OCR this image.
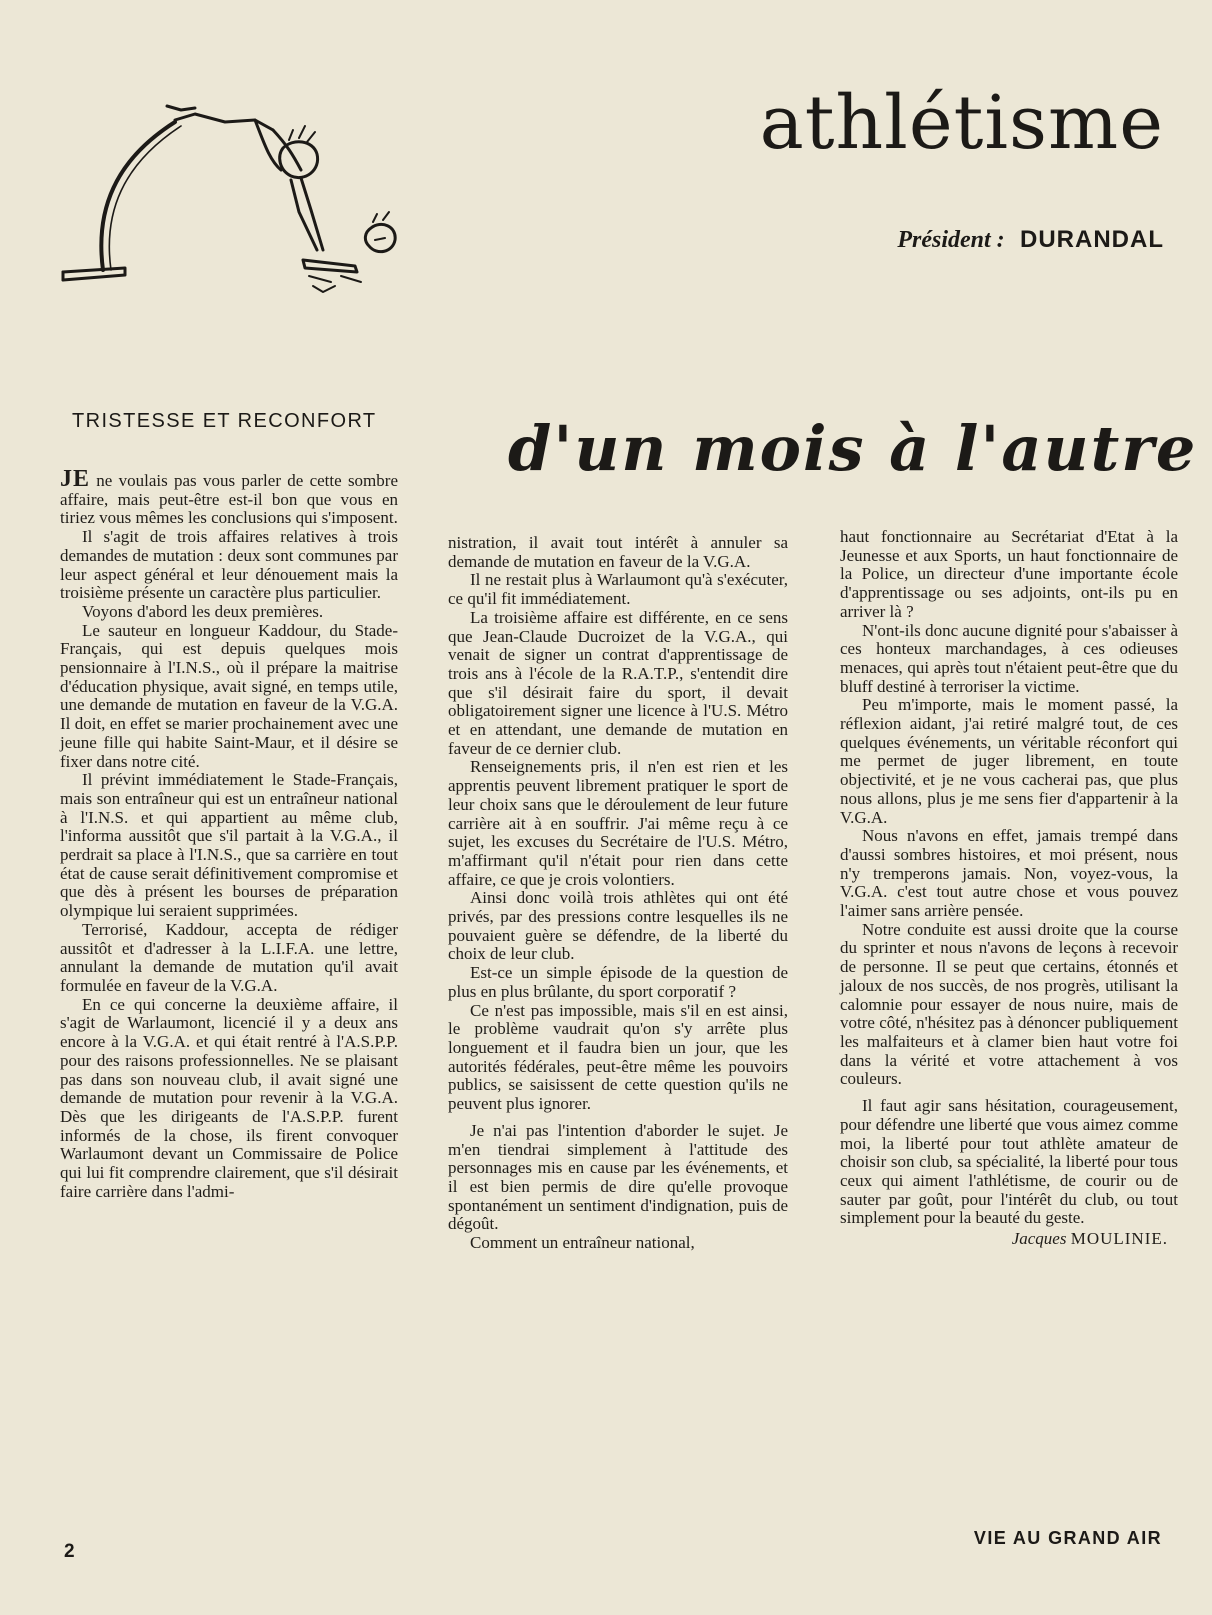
athlétisme
Président : DURANDAL
TRISTESSE ET RECONFORT d'un mois à l'autre

JE ne voulais pas vous parler de cette sombre affaire, mais peut-être est-il bon que vous en tiriez vous mêmes les conclusions qui s'imposent.

Il s'agit de trois affaires relatives à trois demandes de mutation : deux sont communes par leur aspect général et leur dénouement mais la troisième présente un caractère plus particulier.

Voyons d'abord les deux premières.

Le sauteur en longueur Kaddour, du Stade-Français, qui est depuis quelques mois pensionnaire à l'I.N.S., où il prépare la maitrise d'éducation physique, avait signé, en temps utile, une demande de mutation en faveur de la V.G.A. Il doit, en effet se marier prochainement avec une jeune fille qui habite Saint-Maur, et il désire se fixer dans notre cité.

Il prévint immédiatement le Stade-Français, mais son entraîneur qui est un entraîneur national à l'I.N.S. et qui appartient au même club, l'informa aussitôt que s'il partait à la V.G.A., il perdrait sa place à l'I.N.S., que sa carrière en tout état de cause serait définitivement compromise et que dès à présent les bourses de préparation olympique lui seraient supprimées.

Terrorisé, Kaddour, accepta de rédiger aussitôt et d'adresser à la L.I.F.A. une lettre, annulant la demande de mutation qu'il avait formulée en faveur de la V.G.A.

En ce qui concerne la deuxième affaire, il s'agit de Warlaumont, licencié il y a deux ans encore à la V.G.A. et qui était rentré à l'A.S.P.P. pour des raisons professionnelles. Ne se plaisant pas dans son nouveau club, il avait signé une demande de mutation pour revenir à la V.G.A. Dès que les dirigeants de l'A.S.P.P. furent informés de la chose, ils firent convoquer Warlaumont devant un Commissaire de Police qui lui fit comprendre clairement, que s'il désirait faire carrière dans l'admi-

nistration, il avait tout intérêt à annuler sa demande de mutation en faveur de la V.G.A.

Il ne restait plus à Warlaumont qu'à s'exécuter, ce qu'il fit immédiatement.

La troisième affaire est différente, en ce sens que Jean-Claude Ducroizet de la V.G.A., qui venait de signer un contrat d'apprentissage de trois ans à l'école de la R.A.T.P., s'entendit dire que s'il désirait faire du sport, il devait obligatoirement signer une licence à l'U.S. Métro et en attendant, une demande de mutation en faveur de ce dernier club.

Renseignements pris, il n'en est rien et les apprentis peuvent librement pratiquer le sport de leur choix sans que le déroulement de leur future carrière ait à en souffrir. J'ai même reçu à ce sujet, les excuses du Secrétaire de l'U.S. Métro, m'affirmant qu'il n'était pour rien dans cette affaire, ce que je crois volontiers.

Ainsi donc voilà trois athlètes qui ont été privés, par des pressions contre lesquelles ils ne pouvaient guère se défendre, de la liberté du choix de leur club.

Est-ce un simple épisode de la question de plus en plus brûlante, du sport corporatif ?

Ce n'est pas impossible, mais s'il en est ainsi, le problème vaudrait qu'on s'y arrête plus longuement et il faudra bien un jour, que les autorités fédérales, peut-être même les pouvoirs publics, se saisissent de cette question qu'ils ne peuvent plus ignorer.

Je n'ai pas l'intention d'aborder le sujet. Je m'en tiendrai simplement à l'attitude des personnages mis en cause par les événements, et il est bien permis de dire qu'elle provoque spontanément un sentiment d'indignation, puis de dégoût.

Comment un entraîneur national,

haut fonctionnaire au Secrétariat d'Etat à la Jeunesse et aux Sports, un haut fonctionnaire de la Police, un directeur d'une importante école d'apprentissage ou ses adjoints, ont-ils pu en arriver là ?

N'ont-ils donc aucune dignité pour s'abaisser à ces honteux marchandages, à ces odieuses menaces, qui après tout n'étaient peut-être que du bluff destiné à terroriser la victime.

Peu m'importe, mais le moment passé, la réflexion aidant, j'ai retiré malgré tout, de ces quelques événements, un véritable réconfort qui me permet de juger librement, en toute objectivité, et je ne vous cacherai pas, que plus nous allons, plus je me sens fier d'appartenir à la V.G.A.

Nous n'avons en effet, jamais trempé dans d'aussi sombres histoires, et moi présent, nous n'y tremperons jamais. Non, voyez-vous, la V.G.A. c'est tout autre chose et vous pouvez l'aimer sans arrière pensée.

Notre conduite est aussi droite que la course du sprinter et nous n'avons de leçons à recevoir de personne. Il se peut que certains, étonnés et jaloux de nos succès, de nos progrès, utilisant la calomnie pour essayer de nous nuire, mais de votre côté, n'hésitez pas à dénoncer publiquement les malfaiteurs et à clamer bien haut votre foi dans la vérité et votre attachement à vos couleurs.

Il faut agir sans hésitation, courageusement, pour défendre une liberté que vous aimez comme moi, la liberté pour tout athlète amateur de choisir son club, sa spécialité, la liberté pour tous ceux qui aiment l'athlétisme, de courir ou de sauter par goût, pour l'intérêt du club, ou tout simplement pour la beauté du geste.

Jacques MOULINIE.
2
VIE AU GRAND AIR
